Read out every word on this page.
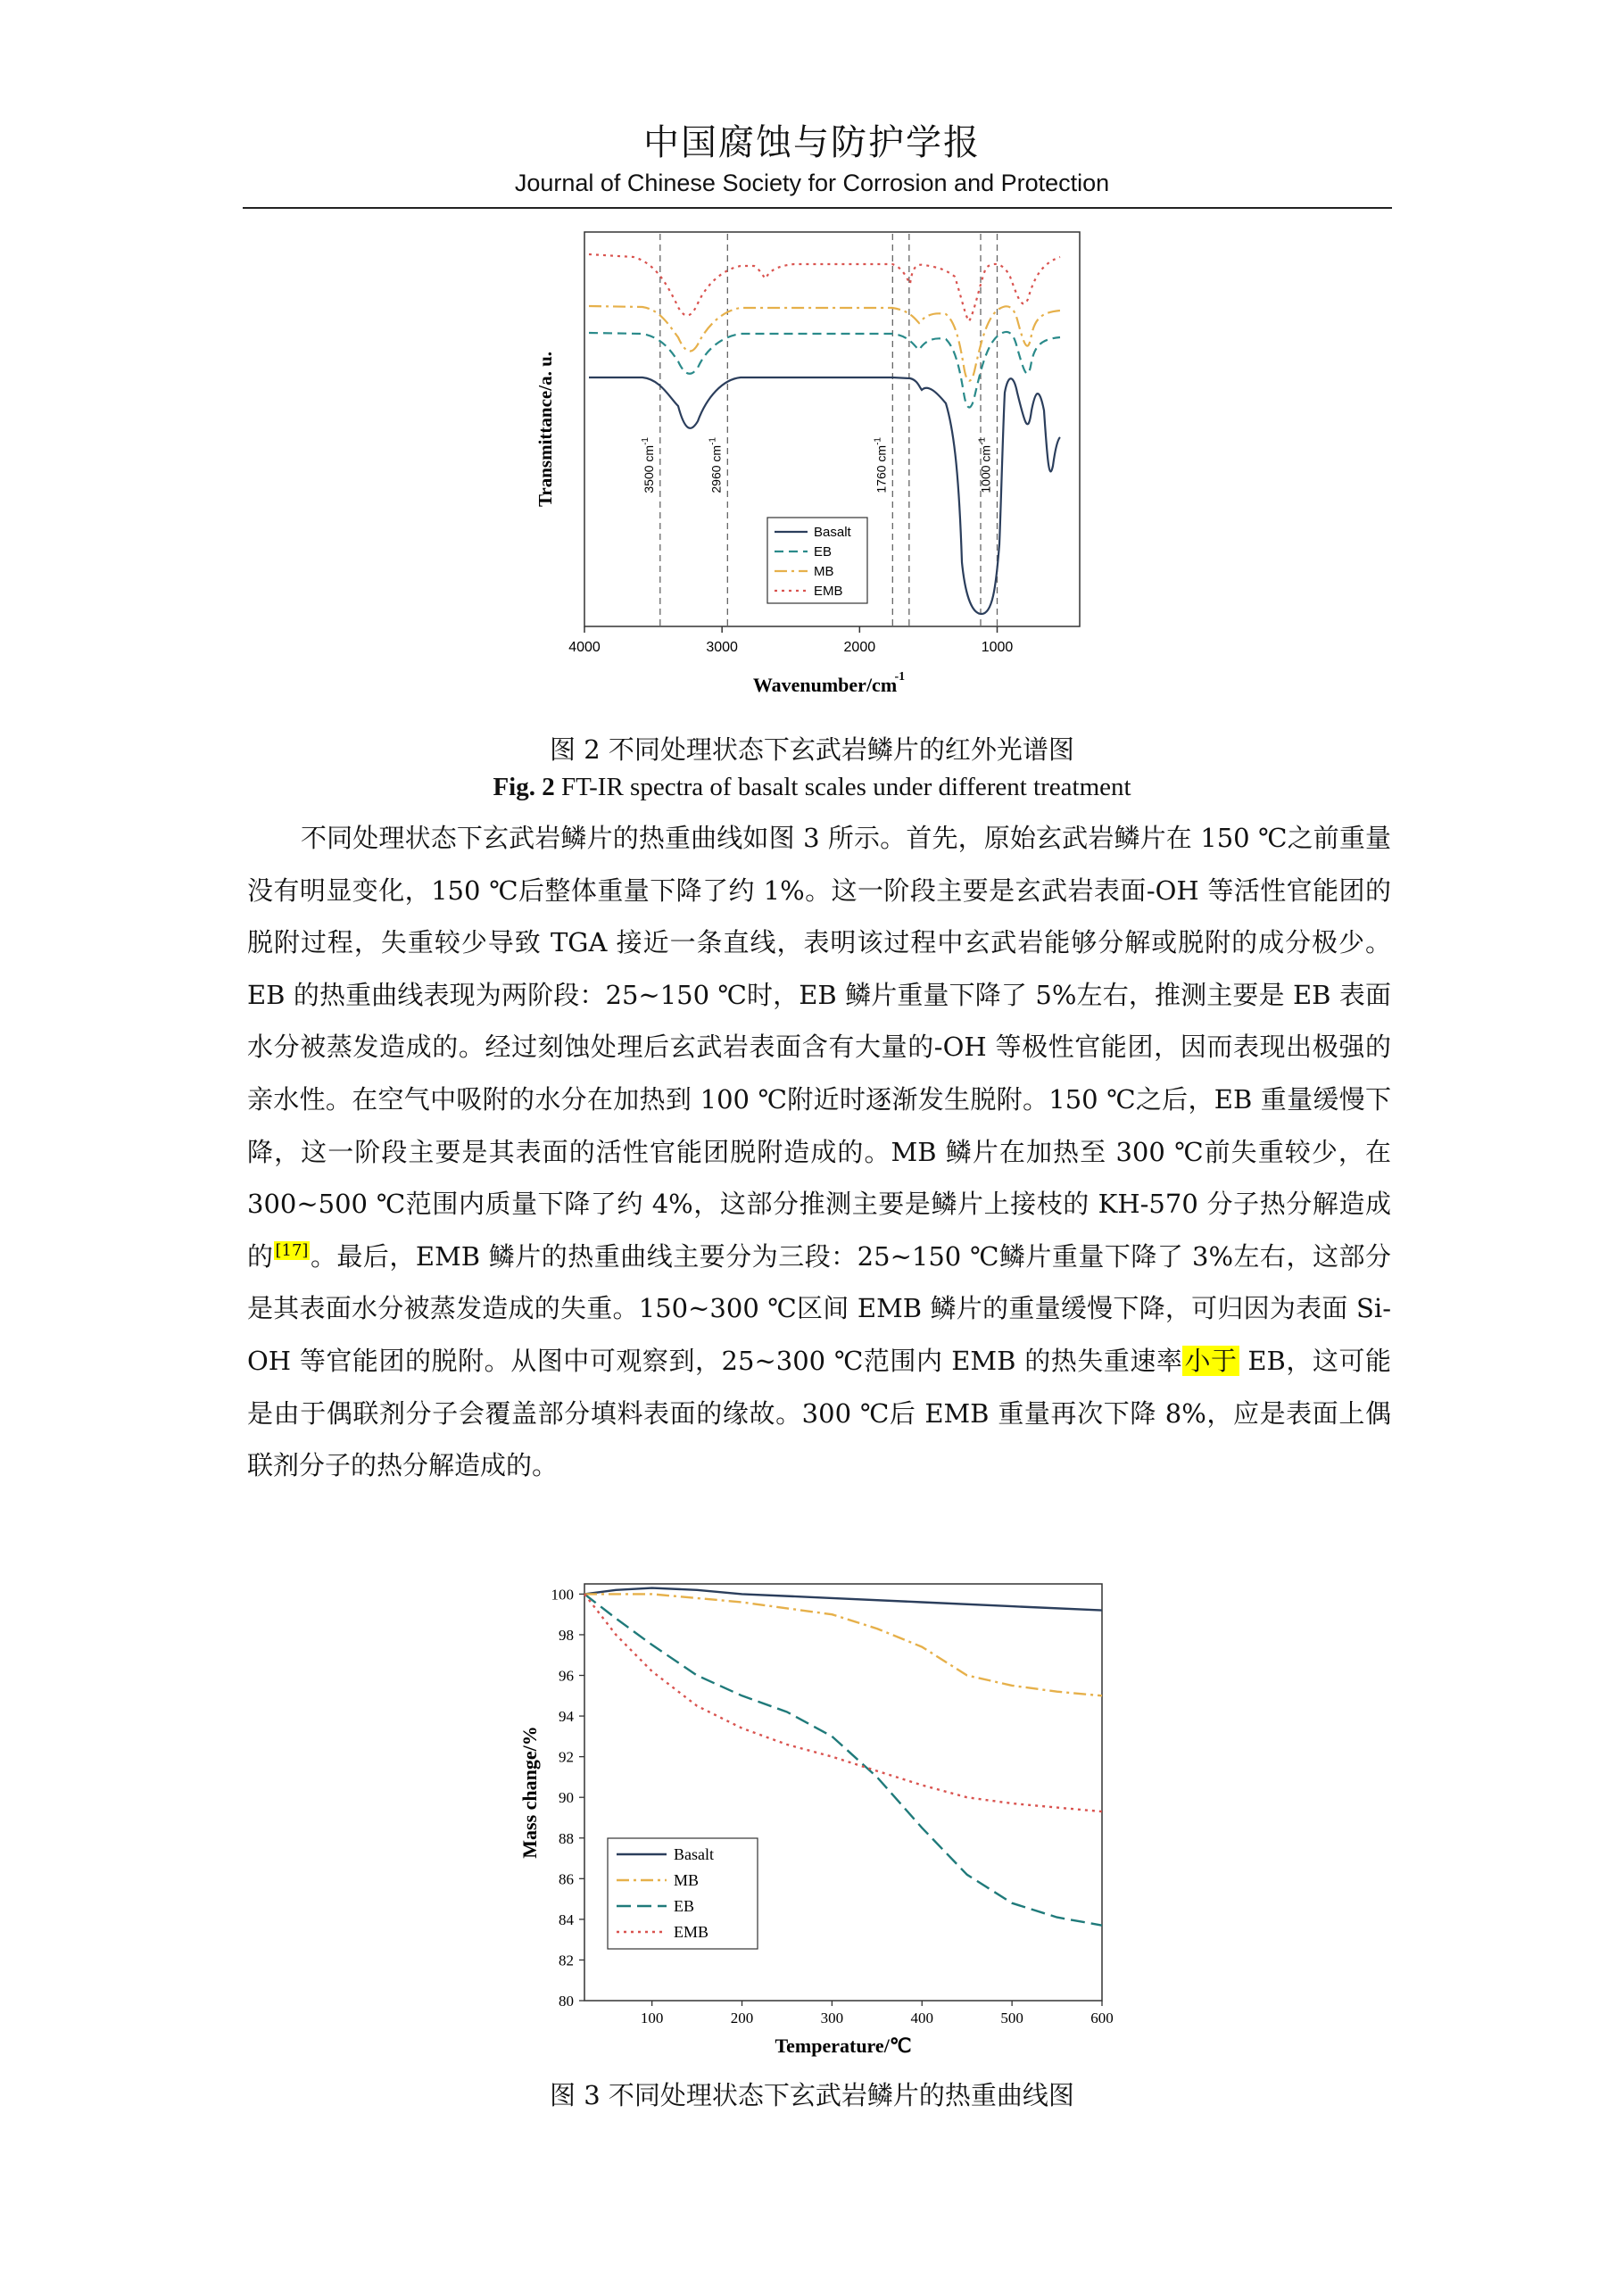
中国腐蚀与防护学报
Journal of Chinese Society for Corrosion and Protection
4000	3000	2000	1000
Wavenumber/cm
-1
Transmittance/a. u.	3500 $cm^{-1}$
2960 $cm^{-1}$
1760 $cm^{-1}$
1000 $cm^{-1}$
Basalt
EB
MB
EMB
图 2 不同处理状态下玄武岩鳞片的红外光谱图
Fig. 2 FT-IR spectra of basalt scales under different treatment

不同处理状态下玄武岩鳞片的热重曲线如图 3 所示。首先，原始玄武岩鳞片在 150 ℃之前重量没有明显变化，150 ℃后整体重量下降了约 1%。这一阶段主要是玄武岩表面-OH 等活性官能团的脱附过程，失重较少导致 TGA 接近一条直线，表明该过程中玄武岩能够分解或脱附的成分极少。EB 的热重曲线表现为两阶段：25~150 ℃时，EB 鳞片重量下降了 5%左右，推测主要是 EB 表面水分被蒸发造成的。经过刻蚀处理后玄武岩表面含有大量的-OH 等极性官能团，因而表现出极强的亲水性。在空气中吸附的水分在加热到 100 ℃附近时逐渐发生脱附。150 ℃之后，EB 重量缓慢下降，这一阶段主要是其表面的活性官能团脱附造成的。MB 鳞片在加热至 300 ℃前失重较少，在 300~500 ℃范围内质量下降了约 4%，这部分推测主要是鳞片上接枝的 KH-570 分子热分解造成的 [17]。最后，EMB 鳞片的热重曲线主要分为三段：25~150 ℃鳞片重量下降了 3%左右，这部分是其表面水分被蒸发造成的失重。150~300 ℃区间 EMB 鳞片的重量缓慢下降，可归因为表面 Si-OH 等官能团的脱附。从图中可观察到，25~300 ℃范围内 EMB 的热失重速率小于 EB，这可能是由于偶联剂分子会覆盖部分填料表面的缘故。300 ℃后 EMB 重量再次下降 8%，应是表面上偶联剂分子的热分解造成的。

100	200	300	400	500	600
80
82
84
86
88
90
92
94
96
98
100
Temperature/℃
Mass change/%	Basalt
MB
EB
EMB
图 3 不同处理状态下玄武岩鳞片的热重曲线图
